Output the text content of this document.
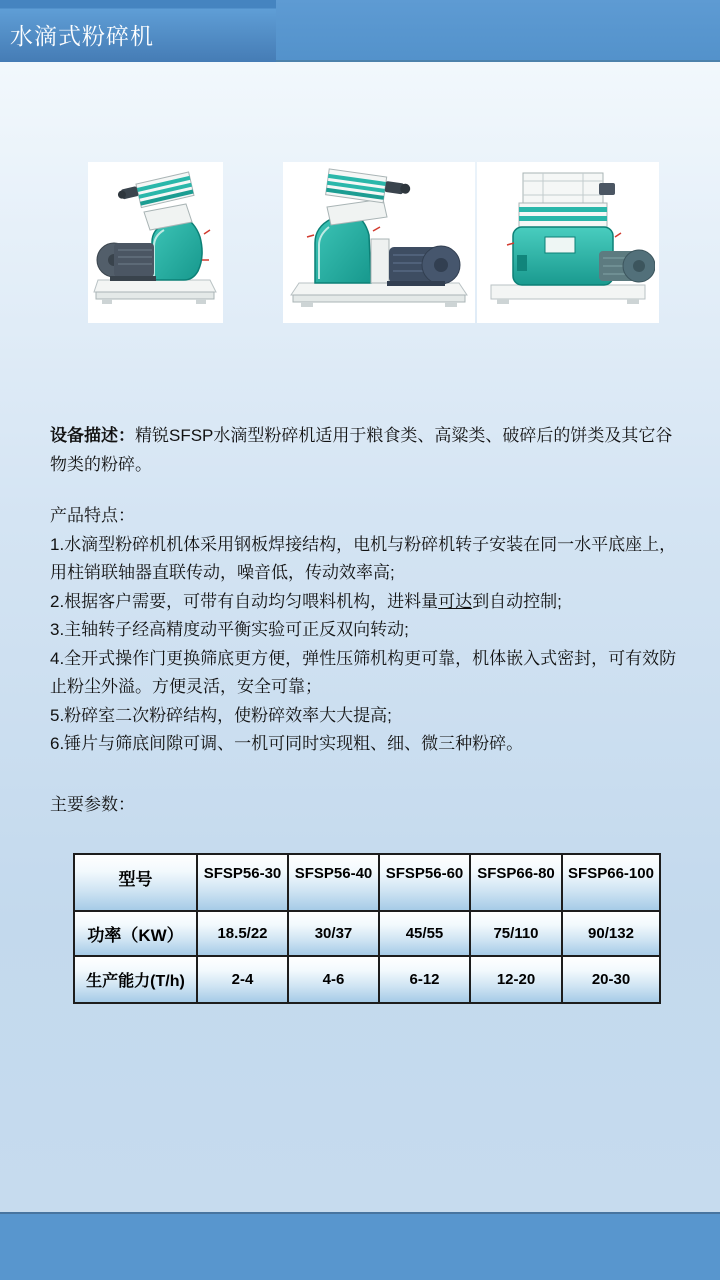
水滴式粉碎机
设备描述：精锐SFSP水滴型粉碎机适用于粮食类、高粱类、破碎后的饼类及其它谷物类的粉碎。

产品特点：

1.水滴型粉碎机机体采用钢板焊接结构，电机与粉碎机转子安装在同一水平底座上，用柱销联轴器直联传动，噪音低，传动效率高;

2.根据客户需要，可带有自动均匀喂料机构，进料量可达到自动控制;

3.主轴转子经高精度动平衡实验可正反双向转动;

4.全开式操作门更换筛底更方便，弹性压筛机构更可靠，机体嵌入式密封，可有效防止粉尘外溢。方便灵活，安全可靠；

5.粉碎室二次粉碎结构，使粉碎效率大大提高;

6.锤片与筛底间隙可调、一机可同时实现粗、细、微三种粉碎。

主要参数：
型号	SFSP56-30 SFSP56-40 SFSP56-60 SFSP66-80 SFSP66-100
功率（KW）	18.5/22	30/37	45/55	75/110	90/132
生产能力(T/h)	2-4	4-6	6-12	12-20	20-30
